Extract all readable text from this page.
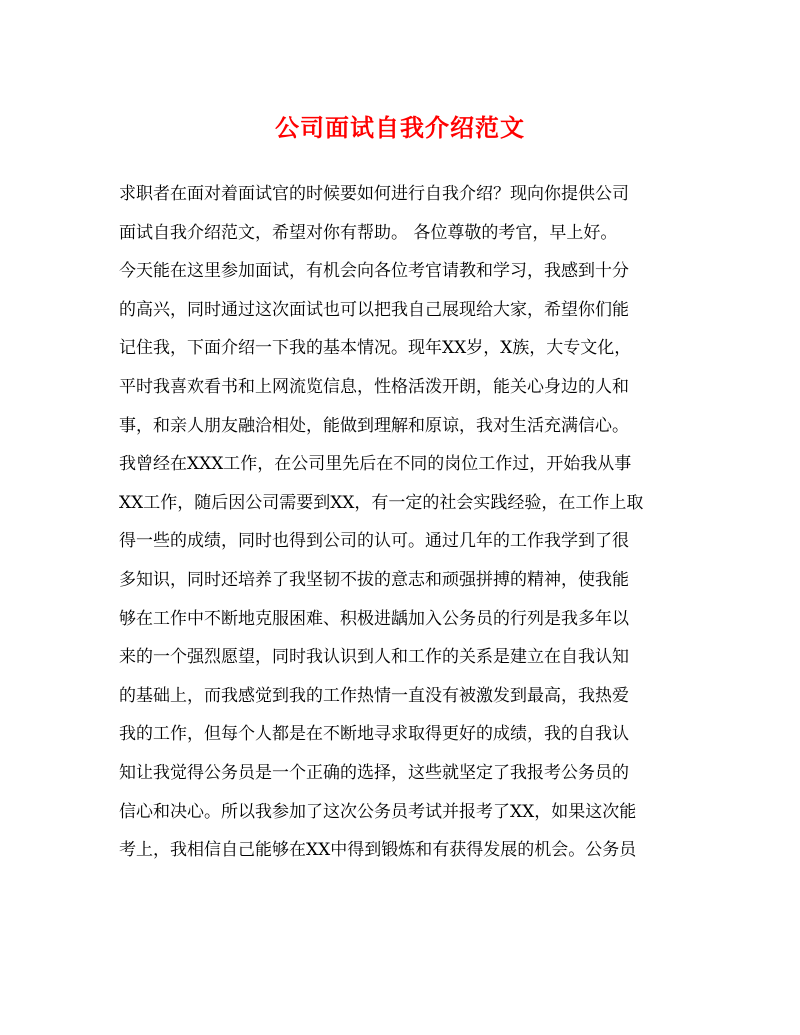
公司面试自我介绍范文
求职者在面对着面试官的时候要如何进行自我介绍？现向你提供公司
面试自我介绍范文，希望对你有帮助。 各位尊敬的考官，早上好。
今天能在这里参加面试，有机会向各位考官请教和学习，我感到十分
的高兴，同时通过这次面试也可以把我自己展现给大家，希望你们能
记住我，下面介绍一下我的基本情况。现年XX岁，X族，大专文化，
平时我喜欢看书和上网流览信息，性格活泼开朗，能关心身边的人和
事，和亲人朋友融洽相处，能做到理解和原谅，我对生活充满信心。
我曾经在XXX工作，在公司里先后在不同的岗位工作过，开始我从事
XX工作，随后因公司需要到XX，有一定的社会实践经验，在工作上取
得一些的成绩，同时也得到公司的认可。通过几年的工作我学到了很
多知识，同时还培养了我坚韧不拔的意志和顽强拼搏的精神，使我能
够在工作中不断地克服困难、积极进龋加入公务员的行列是我多年以
来的一个强烈愿望，同时我认识到人和工作的关系是建立在自我认知
的基础上，而我感觉到我的工作热情一直没有被激发到最高，我热爱
我的工作，但每个人都是在不断地寻求取得更好的成绩，我的自我认
知让我觉得公务员是一个正确的选择，这些就坚定了我报考公务员的
信心和决心。所以我参加了这次公务员考试并报考了XX，如果这次能
考上，我相信自己能够在XX中得到锻炼和有获得发展的机会。公务员
